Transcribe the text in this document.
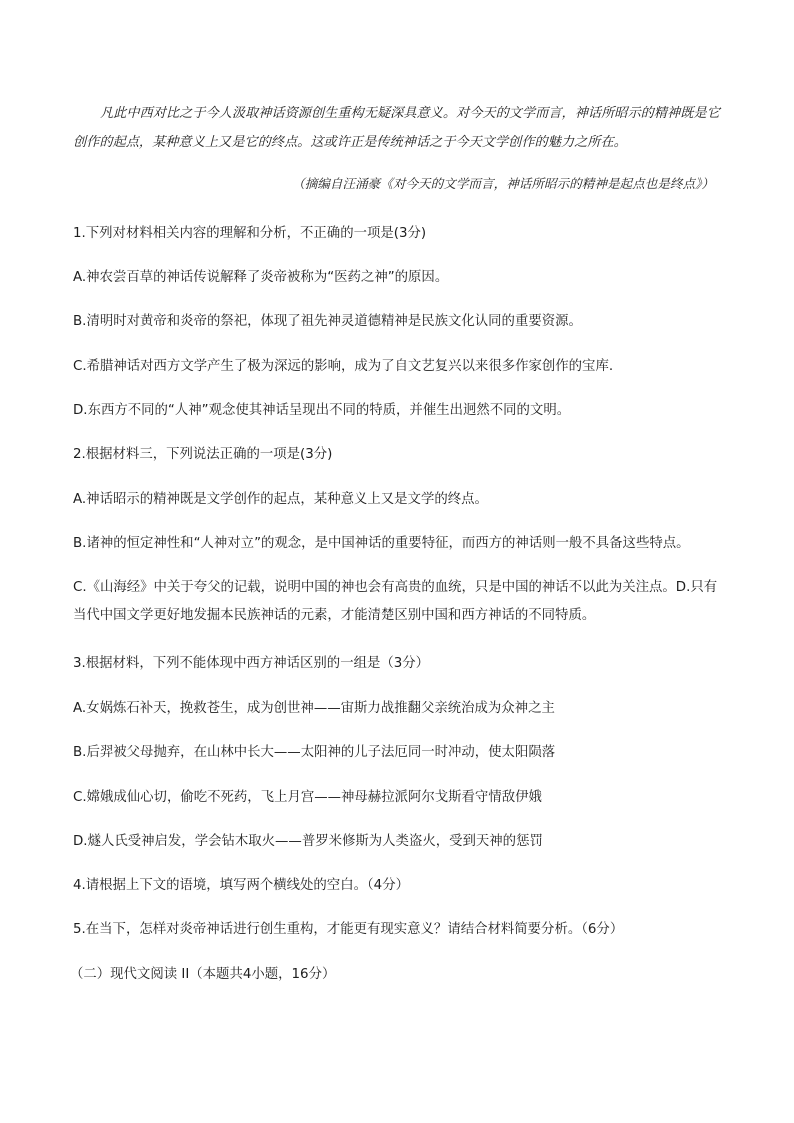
凡此中西对比之于今人汲取神话资源创生重构无疑深具意义。对今天的文学而言，神话所昭示的精神既是它创作的起点，某种意义上又是它的终点。这或许正是传统神话之于今天文学创作的魅力之所在。
（摘编自汪涌豪《对今天的文学而言，神话所昭示的精神是起点也是终点》）
1.下列对材料相关内容的理解和分析，不正确的一项是(3分)
A.神农尝百草的神话传说解释了炎帝被称为“医药之神”的原因。
B.清明时对黄帝和炎帝的祭祀，体现了祖先神灵道德精神是民族文化认同的重要资源。
C.希腊神话对西方文学产生了极为深远的影响，成为了自文艺复兴以来很多作家创作的宝库.
D.东西方不同的“人神”观念使其神话呈现出不同的特质，并催生出迥然不同的文明。
2.根据材料三，下列说法正确的一项是(3分)
A.神话昭示的精神既是文学创作的起点，某种意义上又是文学的终点。
B.诸神的恒定神性和“人神对立”的观念，是中国神话的重要特征，而西方的神话则一般不具备这些特点。
C.《山海经》中关于夸父的记载，说明中国的神也会有高贵的血统，只是中国的神话不以此为关注点。D.只有当代中国文学更好地发掘本民族神话的元素，才能清楚区别中国和西方神话的不同特质。
3.根据材料，下列不能体现中西方神话区别的一组是（3分）
A.女娲炼石补天，挽救苍生，成为创世神——宙斯力战推翻父亲统治成为众神之主
B.后羿被父母抛弃，在山林中长大——太阳神的儿子法厄同一时冲动，使太阳陨落
C.嫦娥成仙心切，偷吃不死药，飞上月宫——神母赫拉派阿尔戈斯看守情敌伊娥
D.燧人氏受神启发，学会钻木取火——普罗米修斯为人类盗火，受到天神的惩罚
4.请根据上下文的语境，填写两个横线处的空白。（4分）
5.在当下，怎样对炎帝神话进行创生重构，才能更有现实意义？请结合材料简要分析。（6分）
（二）现代文阅读 II（本题共4小题，16分）
